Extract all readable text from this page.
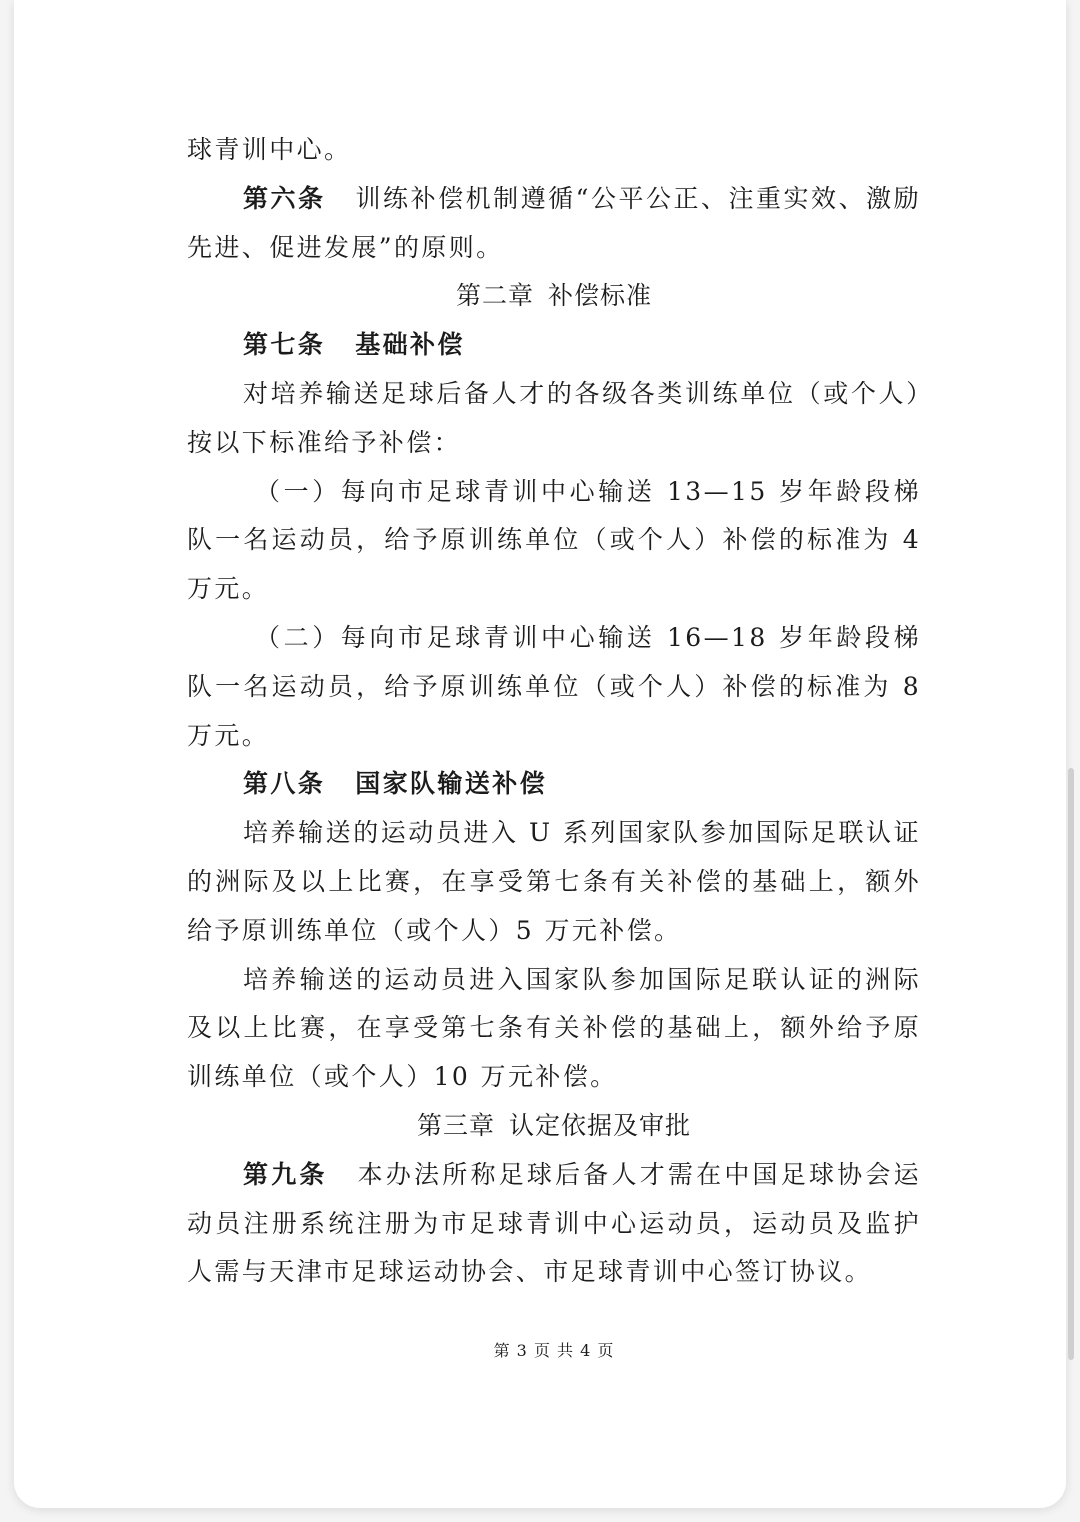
球青训中心。

第六条 训练补偿机制遵循“公平公正、注重实效、激励先进、促进发展”的原则。

第二章 补偿标准

第七条 基础补偿

对培养输送足球后备人才的各级各类训练单位（或个人）按以下标准给予补偿：

（一）每向市足球青训中心输送 13—15 岁年龄段梯队一名运动员，给予原训练单位（或个人）补偿的标准为 4 万元。

（二）每向市足球青训中心输送 16—18 岁年龄段梯队一名运动员，给予原训练单位（或个人）补偿的标准为 8 万元。

第八条 国家队输送补偿

培养输送的运动员进入 U 系列国家队参加国际足联认证的洲际及以上比赛，在享受第七条有关补偿的基础上，额外给予原训练单位（或个人）5 万元补偿。

培养输送的运动员进入国家队参加国际足联认证的洲际及以上比赛，在享受第七条有关补偿的基础上，额外给予原训练单位（或个人）10 万元补偿。

第三章 认定依据及审批

第九条 本办法所称足球后备人才需在中国足球协会运动员注册系统注册为市足球青训中心运动员，运动员及监护人需与天津市足球运动协会、市足球青训中心签订协议。

第 3 页 共 4 页
